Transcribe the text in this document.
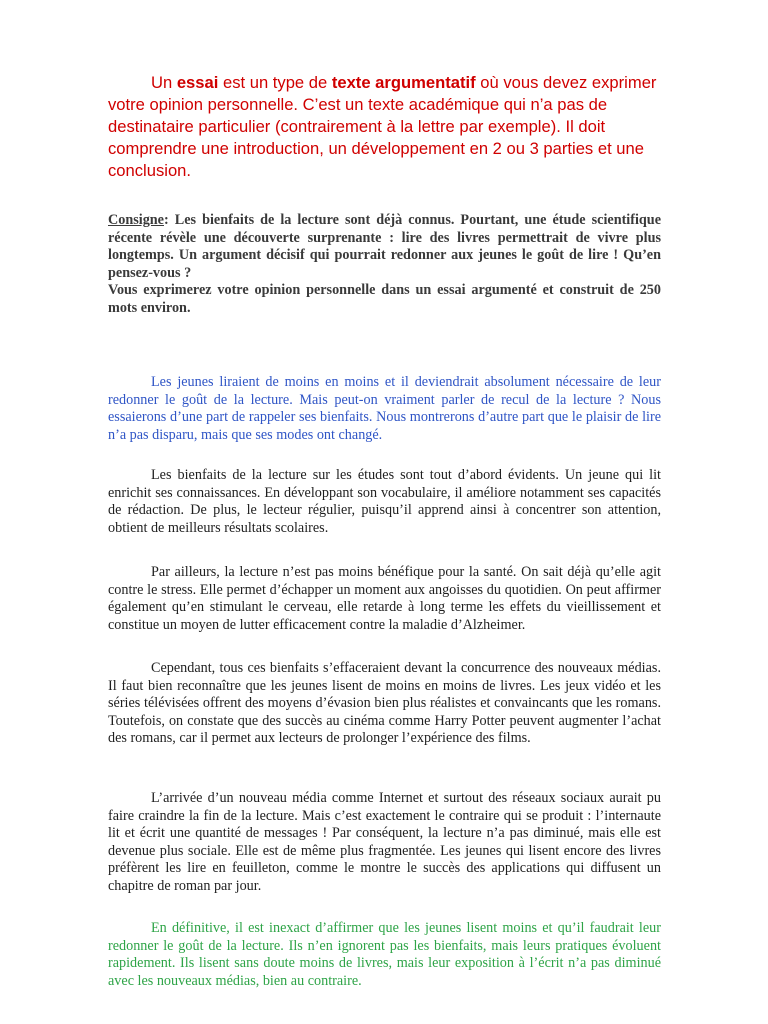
Un essai est un type de texte argumentatif où vous devez exprimer votre opinion personnelle. C’est un texte académique qui n’a pas de destinataire particulier (contrairement à la lettre par exemple). Il doit comprendre une introduction, un développement en 2 ou 3 parties et une conclusion.

Consigne: Les bienfaits de la lecture sont déjà connus. Pourtant, une étude scientifique récente révèle une découverte surprenante : lire des livres permettrait de vivre plus longtemps. Un argument décisif qui pourrait redonner aux jeunes le goût de lire ! Qu’en pensez-vous ?
Vous exprimerez votre opinion personnelle dans un essai argumenté et construit de 250 mots environ.

Les jeunes liraient de moins en moins et il deviendrait absolument nécessaire de leur redonner le goût de la lecture. Mais peut-on vraiment parler de recul de la lecture ? Nous essaierons d’une part de rappeler ses bienfaits. Nous montrerons d’autre part que le plaisir de lire n’a pas disparu, mais que ses modes ont changé.

Les bienfaits de la lecture sur les études sont tout d’abord évidents. Un jeune qui lit enrichit ses connaissances. En développant son vocabulaire, il améliore notamment ses capacités de rédaction. De plus, le lecteur régulier, puisqu’il apprend ainsi à concentrer son attention, obtient de meilleurs résultats scolaires.

Par ailleurs, la lecture n’est pas moins bénéfique pour la santé. On sait déjà qu’elle agit contre le stress. Elle permet d’échapper un moment aux angoisses du quotidien. On peut affirmer également qu’en stimulant le cerveau, elle retarde à long terme les effets du vieillissement et constitue un moyen de lutter efficacement contre la maladie d’Alzheimer.

Cependant, tous ces bienfaits s’effaceraient devant la concurrence des nouveaux médias. Il faut bien reconnaître que les jeunes lisent de moins en moins de livres. Les jeux vidéo et les séries télévisées offrent des moyens d’évasion bien plus réalistes et convaincants que les romans. Toutefois, on constate que des succès au cinéma comme Harry Potter peuvent augmenter l’achat des romans, car il permet aux lecteurs de prolonger l’expérience des films.

L’arrivée d’un nouveau média comme Internet et surtout des réseaux sociaux aurait pu faire craindre la fin de la lecture. Mais c’est exactement le contraire qui se produit : l’internaute lit et écrit une quantité de messages ! Par conséquent, la lecture n’a pas diminué, mais elle est devenue plus sociale. Elle est de même plus fragmentée. Les jeunes qui lisent encore des livres préfèrent les lire en feuilleton, comme le montre le succès des applications qui diffusent un chapitre de roman par jour.

En définitive, il est inexact d’affirmer que les jeunes lisent moins et qu’il faudrait leur redonner le goût de la lecture. Ils n’en ignorent pas les bienfaits, mais leurs pratiques évoluent rapidement. Ils lisent sans doute moins de livres, mais leur exposition à l’écrit n’a pas diminué avec les nouveaux médias, bien au contraire.
